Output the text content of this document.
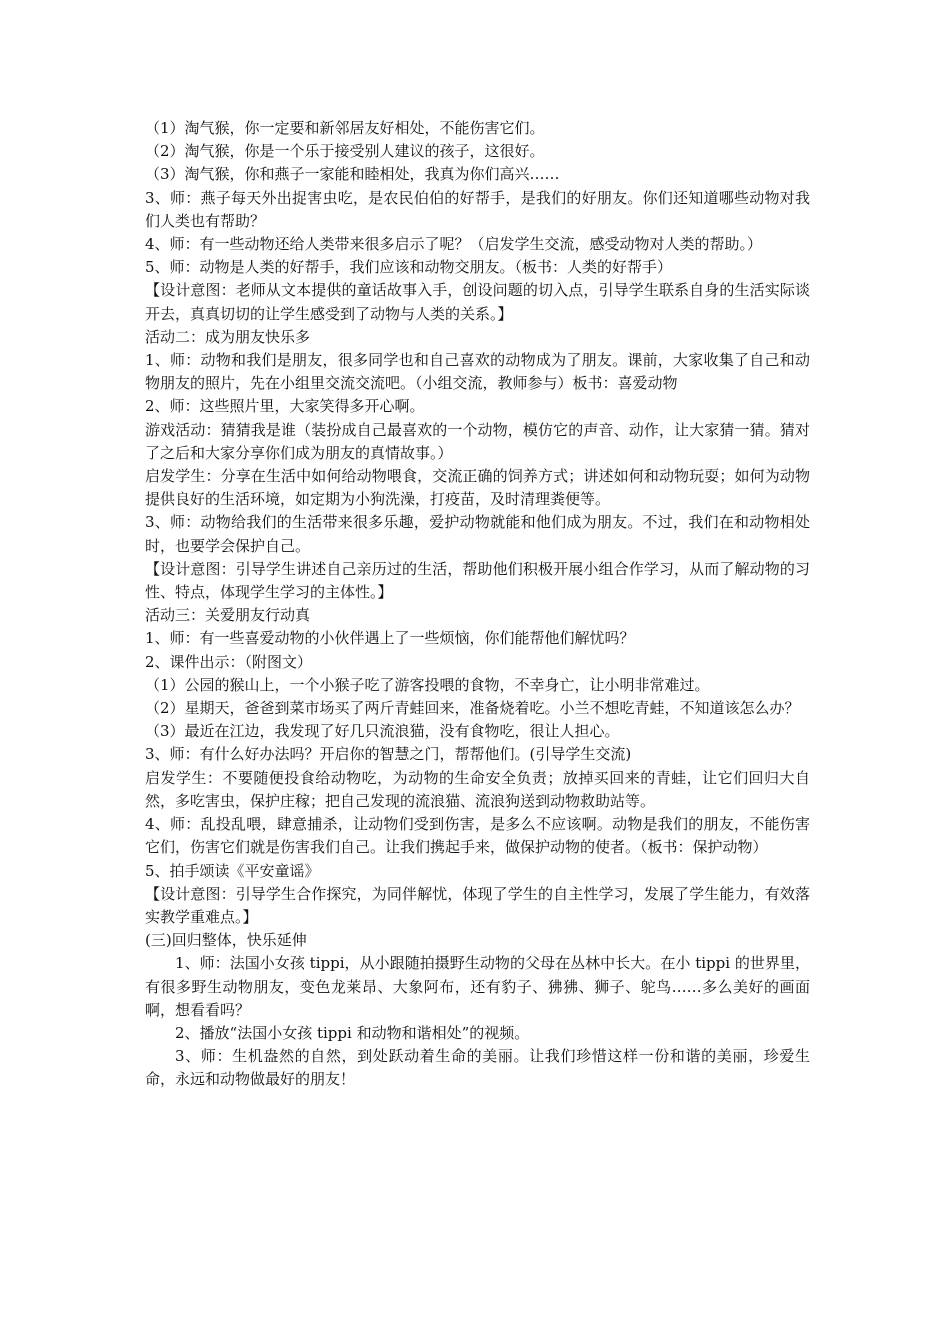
（1）淘气猴，你一定要和新邻居友好相处，不能伤害它们。

（2）淘气猴，你是一个乐于接受别人建议的孩子，这很好。

（3）淘气猴，你和燕子一家能和睦相处，我真为你们高兴……

3、师：燕子每天外出捉害虫吃，是农民伯伯的好帮手，是我们的好朋友。你们还知道哪些动物对我们人类也有帮助？

4、师：有一些动物还给人类带来很多启示了呢？（启发学生交流，感受动物对人类的帮助。）

5、师：动物是人类的好帮手，我们应该和动物交朋友。（板书：人类的好帮手）

【设计意图：老师从文本提供的童话故事入手，创设问题的切入点，引导学生联系自身的生活实际谈开去，真真切切的让学生感受到了动物与人类的关系。】

活动二：成为朋友快乐多

1、师：动物和我们是朋友，很多同学也和自己喜欢的动物成为了朋友。课前，大家收集了自己和动物朋友的照片，先在小组里交流交流吧。（小组交流，教师参与）板书：喜爱动物

2、师：这些照片里，大家笑得多开心啊。

游戏活动：猜猜我是谁（装扮成自己最喜欢的一个动物，模仿它的声音、动作，让大家猜一猜。猜对了之后和大家分享你们成为朋友的真情故事。）

启发学生：分享在生活中如何给动物喂食，交流正确的饲养方式；讲述如何和动物玩耍；如何为动物提供良好的生活环境，如定期为小狗洗澡，打疫苗，及时清理粪便等。

3、师：动物给我们的生活带来很多乐趣，爱护动物就能和他们成为朋友。不过，我们在和动物相处时，也要学会保护自己。

【设计意图：引导学生讲述自己亲历过的生活，帮助他们积极开展小组合作学习，从而了解动物的习性、特点，体现学生学习的主体性。】

活动三：关爱朋友行动真

1、师：有一些喜爱动物的小伙伴遇上了一些烦恼，你们能帮他们解忧吗？

2、课件出示：（附图文）

（1）公园的猴山上，一个小猴子吃了游客投喂的食物，不幸身亡，让小明非常难过。

（2）星期天，爸爸到菜市场买了两斤青蛙回来，准备烧着吃。小兰不想吃青蛙，不知道该怎么办？

（3）最近在江边，我发现了好几只流浪猫，没有食物吃，很让人担心。

3、师：有什么好办法吗？开启你的智慧之门，帮帮他们。(引导学生交流)

启发学生：不要随便投食给动物吃，为动物的生命安全负责；放掉买回来的青蛙，让它们回归大自然，多吃害虫，保护庄稼；把自己发现的流浪猫、流浪狗送到动物救助站等。

4、师：乱投乱喂，肆意捕杀，让动物们受到伤害，是多么不应该啊。动物是我们的朋友，不能伤害它们，伤害它们就是伤害我们自己。让我们携起手来，做保护动物的使者。（板书：保护动物）

5、拍手颂读《平安童谣》

【设计意图：引导学生合作探究，为同伴解忧，体现了学生的自主性学习，发展了学生能力，有效落实教学重难点。】

(三)回归整体，快乐延伸

1、师：法国小女孩 tippi，从小跟随拍摄野生动物的父母在丛林中长大。在小 tippi 的世界里，有很多野生动物朋友，变色龙莱昂、大象阿布，还有豹子、狒狒、狮子、鸵鸟……多么美好的画面啊，想看看吗？

2、播放“法国小女孩 tippi 和动物和谐相处”的视频。

3、师：生机盎然的自然，到处跃动着生命的美丽。让我们珍惜这样一份和谐的美丽，珍爱生命，永远和动物做最好的朋友！
